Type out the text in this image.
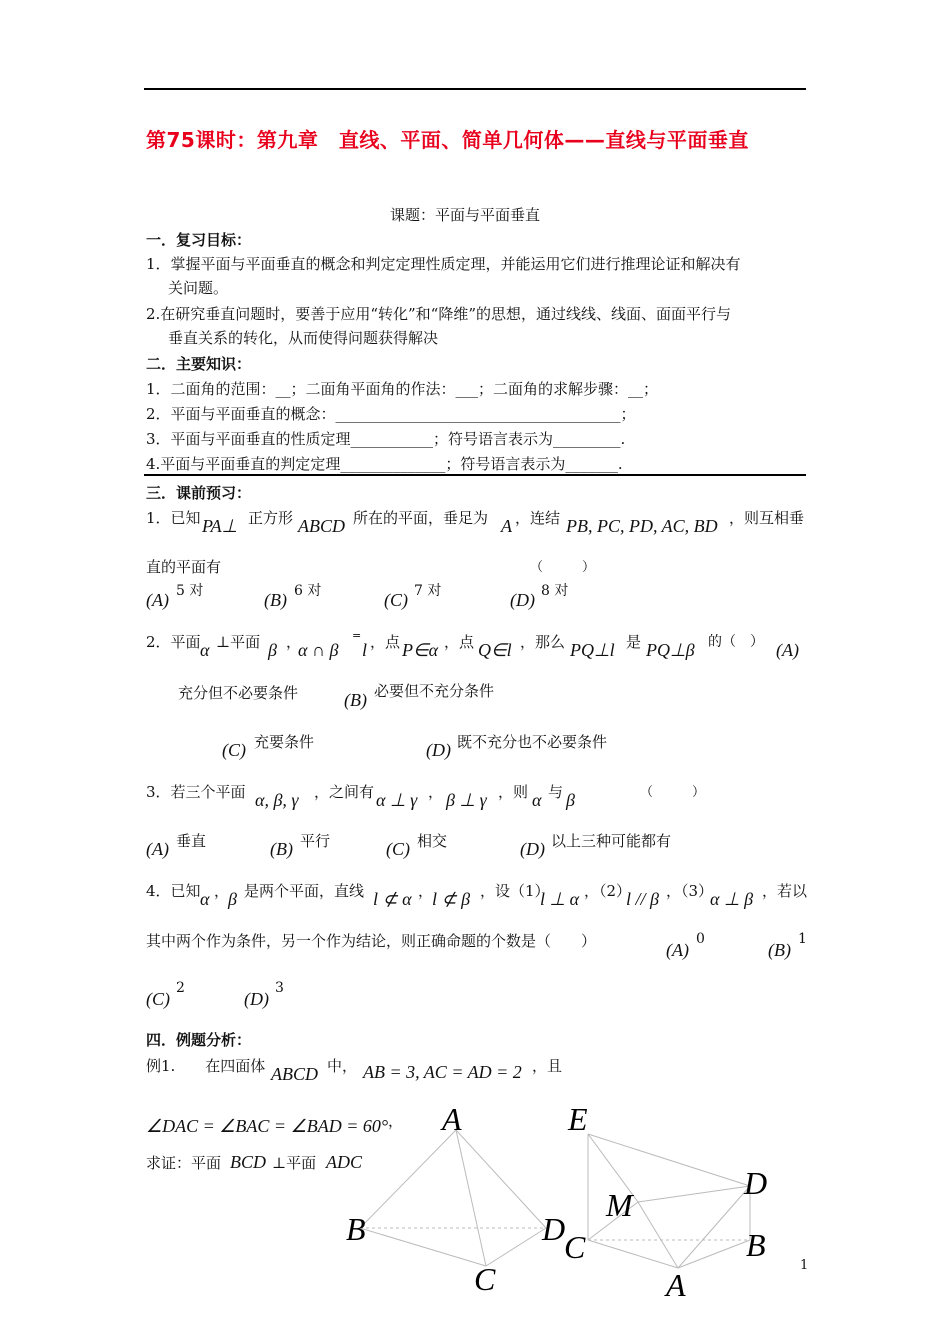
第75课时：第九章　直线、平面、简单几何体——直线与平面垂直
课题：平面与平面垂直
一．复习目标：
1．掌握平面与平面垂直的概念和判定定理性质定理，并能运用它们进行推理论证和解决有
关问题。
2.在研究垂直问题时，要善于应用“转化”和“降维”的思想，通过线线、线面、面面平行与
垂直关系的转化，从而使得问题获得解决
二．主要知识：
1．二面角的范围：__；二面角平面角的作法：___；二面角的求解步骤：__；
2．平面与平面垂直的概念：______________________________________；
3．平面与平面垂直的性质定理___________；符号语言表示为_________.
4.平面与平面垂直的判定定理______________；符号语言表示为_______.
三．课前预习：
1．已知 PA⊥ 正方形 ABCD 所在的平面，垂足为 A ，连结 PB, PC, PD, AC, BD ，则互相垂
直的平面有	（　　　）
(A) 5 对	(B) 6 对	(C) 7 对	(D) 8 对
2．平面 α ⊥平面 β ，
α ∩ β
=
l ，点 P∈α ，点 Q∈l ，那么 PQ⊥l 是 PQ⊥β 的（　） (A)
充分但不必要条件	(B) 必要但不充分条件
(C) 充要条件	(D) 既不充分也不必要条件
3．若三个平面 α, β, γ ，之间有 α ⊥ γ ， β ⊥ γ ，则 α 与 β	（　　　）
(A) 垂直	(B) 平行	(C) 相交	(D) 以上三种可能都有
4．已知 α ，
β 是两个平面，直线 l ⊄ α ，
l ⊄ β ，设（1）
l ⊥ α ，（2）
l // β ，（3）
α ⊥ β ，若以
其中两个作为条件，另一个作为结论，则正确命题的个数是（　　）	(A)
0
(B)
1
(C)
2
(D)
3
四．例题分析：
例1.　　在四面体 ABCD 中， AB = 3, AC = AD = 2 ，且
∠DAC = ∠BAC = ∠BAD = 60° ，
求证：平面 BCD ⊥平面 ADC
A
B
C
D
E
M
D
C	B
A
1
